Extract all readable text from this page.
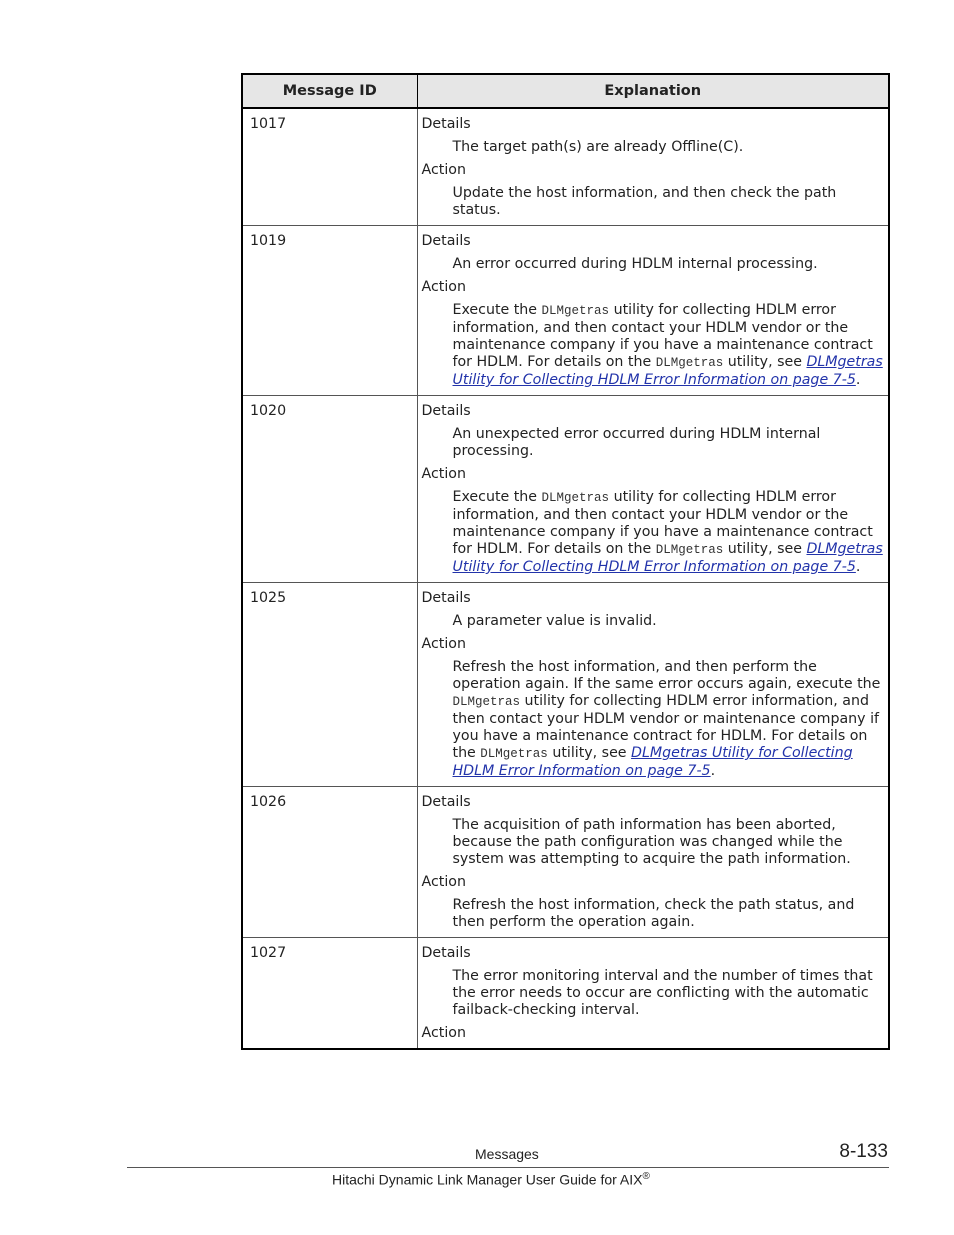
Message ID	Explanation
1017	Details
The target path(s) are already Offline(C).
Action
Update the host information, and then check the path status.

1019	Details
An error occurred during HDLM internal processing.
Action
Execute the DLMgetras utility for collecting HDLM error information, and then contact your HDLM vendor or the maintenance company if you have a maintenance contract for HDLM. For details on the DLMgetras utility, see DLMgetras Utility for Collecting HDLM Error Information on page 7-5.

1020	Details
An unexpected error occurred during HDLM internal processing.
Action
Execute the DLMgetras utility for collecting HDLM error information, and then contact your HDLM vendor or the maintenance company if you have a maintenance contract for HDLM. For details on the DLMgetras utility, see DLMgetras Utility for Collecting HDLM Error Information on page 7-5.

1025	Details
A parameter value is invalid.
Action
Refresh the host information, and then perform the operation again. If the same error occurs again, execute the DLMgetras utility for collecting HDLM error information, and then contact your HDLM vendor or maintenance company if you have a maintenance contract for HDLM. For details on the DLMgetras utility, see DLMgetras Utility for Collecting HDLM Error Information on page 7-5.

1026	Details
The acquisition of path information has been aborted, because the path configuration was changed while the system was attempting to acquire the path information.
Action
Refresh the host information, check the path status, and then perform the operation again.

1027	Details
The error monitoring interval and the number of times that the error needs to occur are conflicting with the automatic failback-checking interval.
Action
Messages	8-133
Hitachi Dynamic Link Manager User Guide for AIX®
